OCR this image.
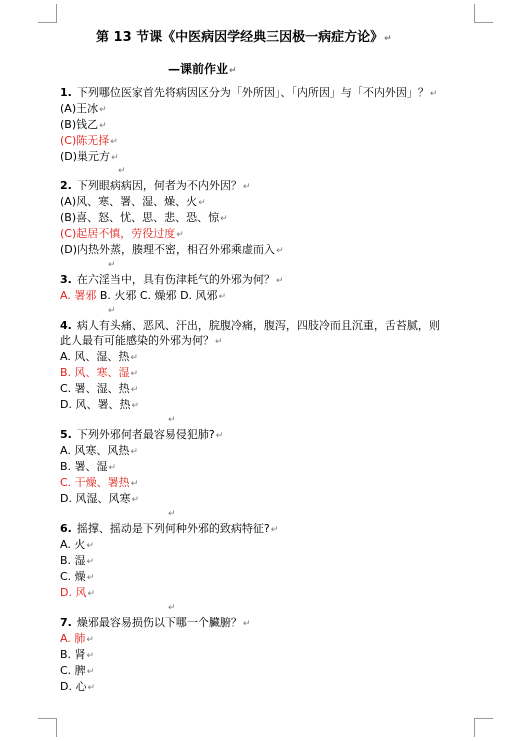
第 13 节课《中医病因学经典三因极一病症方论》↵
—课前作业↵
1. 下列哪位医家首先将病因区分为「外所因」、「内所因」与「不内外因」？↵
(A)王冰↵
(B)钱乙↵
(C)陈无择↵
(D)巢元方↵
↵
2. 下列眼病病因，何者为不内外因？↵
(A)风、寒、署、湿、燥、火↵
(B)喜、怒、忧、思、悲、恐、惊↵
(C)起居不慎，劳役过度↵
(D)内热外蒸，腠理不密，相召外邪乘虚而入↵
↵
3. 在六淫当中，具有伤津耗气的外邪为何？↵
A. 署邪 B. 火邪 C. 燥邪 D. 风邪↵
↵
4. 病人有头痛、恶风、汗出，脘腹冷痛，腹泻，四肢冷而且沉重，舌苔腻，则
此人最有可能感染的外邪为何？↵
A. 风、湿、热↵
B. 风、寒、湿↵
C. 署、湿、热↵
D. 风、署、热↵
↵
5. 下列外邪何者最容易侵犯肺?↵
A. 风寒、风热↵
B. 署、湿↵
C. 干燥、署热↵
D. 风湿、风寒↵
↵
6. 摇撑、摇动是下列何种外邪的致病特征?↵
A. 火↵
B. 湿↵
C. 燥↵
D. 风↵
↵
7. 燥邪最容易损伤以下哪一个臟腑？↵
A. 肺↵
B. 肾↵
C. 脾↵
D. 心↵
